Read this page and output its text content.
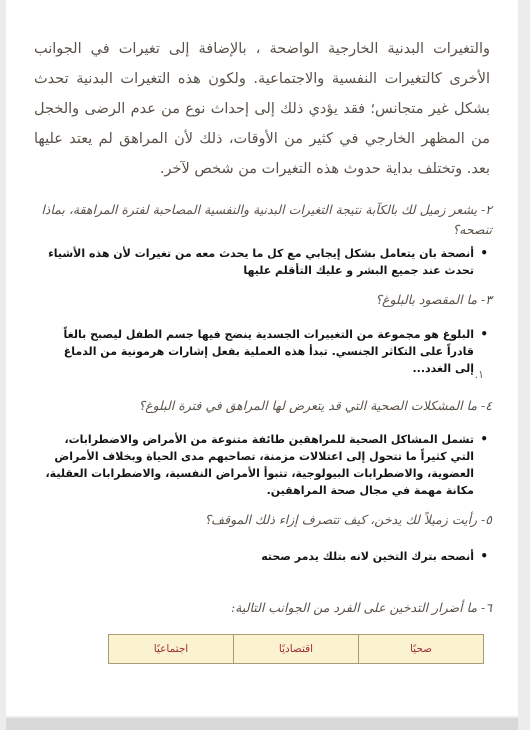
والتغيرات البدنية الخارجية الواضحة ، بالإضافة إلى تغيرات في الجوانب الأخرى كالتغيرات النفسية والاجتماعية. ولكون هذه التغيرات البدنية تحدث بشكل غير متجانس؛ فقد يؤدي ذلك إلى إحداث نوع من عدم الرضى والخجل من المظهر الخارجي في كثير من الأوقات، ذلك لأن المراهق لم يعتد عليها بعد. وتختلف بداية حدوث هذه التغيرات من شخص لآخر.

٢- يشعر زميل لك بالكآبة نتيجة التغيرات البدنية والنفسية المصاحبة لفترة المراهقة، بماذا تنصحه؟
•
أنصحة بان يتعامل بشكل إيجابي مع كل ما يحدث معه من تغيرات لأن هذه الأشياء تحدث عند جميع البشر و عليك التأقلم عليها
٣- ما المقصود بالبلوغ؟
•
البلوغ هو مجموعة من التغييرات الجسدية ينضج فيها جسم الطفل ليصبح بالغاً قادراً على التكاثر الجنسي. تبدأ هذه العملية بفعل إشارات هرمونية من الدماغ إلى الغدد... ١.
٤- ما المشكلات الصحية التي قد يتعرض لها المراهق في فترة البلوغ؟
•
تشمل المشاكل الصحية للمراهقين طائفة متنوعة من الأمراض والاضطرابات، التي كثيراً ما تتحول إلى اعتلالات مزمنة، تصاحبهم مدى الحياة وبخلاف الأمراض العضوية، والاضطرابات البيولوجية، تتبوأ الأمراض النفسية، والاضطرابات العقلية، مكانة مهمة في مجال صحة المراهقين.
٥- رأيت زميلاً لك يدخن، كيف تتصرف إزاء ذلك الموقف؟
•
أنصحه بترك التخين لانه بتلك يدمر صحته
٦- ما أضرار التدخين على الفرد من الجوانب التالية:
صحيًا	اقتصاديًا	اجتماعيًا
